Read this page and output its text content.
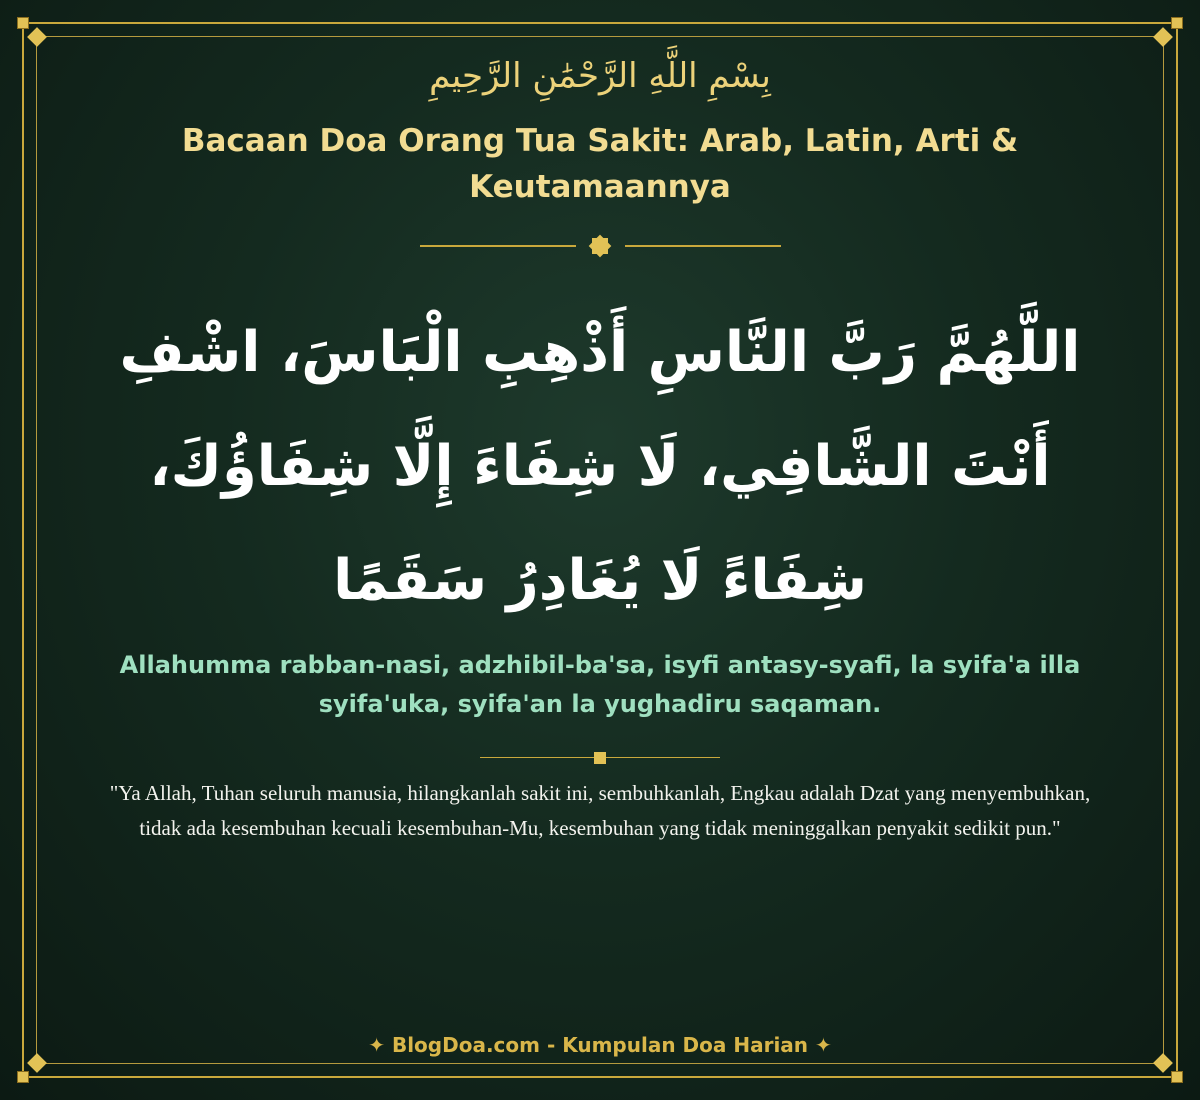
بِسْمِ اللَّهِ الرَّحْمَٰنِ الرَّحِيمِ
Bacaan Doa Orang Tua Sakit: Arab, Latin, Arti & Keutamaannya
اللَّهُمَّ رَبَّ النَّاسِ أَذْهِبِ الْبَاسَ، اشْفِ أَنْتَ الشَّافِي، لَا شِفَاءَ إِلَّا شِفَاؤُكَ، شِفَاءً لَا يُغَادِرُ سَقَمًا
Allahumma rabban-nasi, adzhibil-ba'sa, isyfi antasy-syafi, la syifa'a illa syifa'uka, syifa'an la yughadiru saqaman.
"Ya Allah, Tuhan seluruh manusia, hilangkanlah sakit ini, sembuhkanlah, Engkau adalah Dzat yang menyembuhkan, tidak ada kesembuhan kecuali kesembuhan-Mu, kesembuhan yang tidak meninggalkan penyakit sedikit pun."
✦ BlogDoa.com - Kumpulan Doa Harian ✦
